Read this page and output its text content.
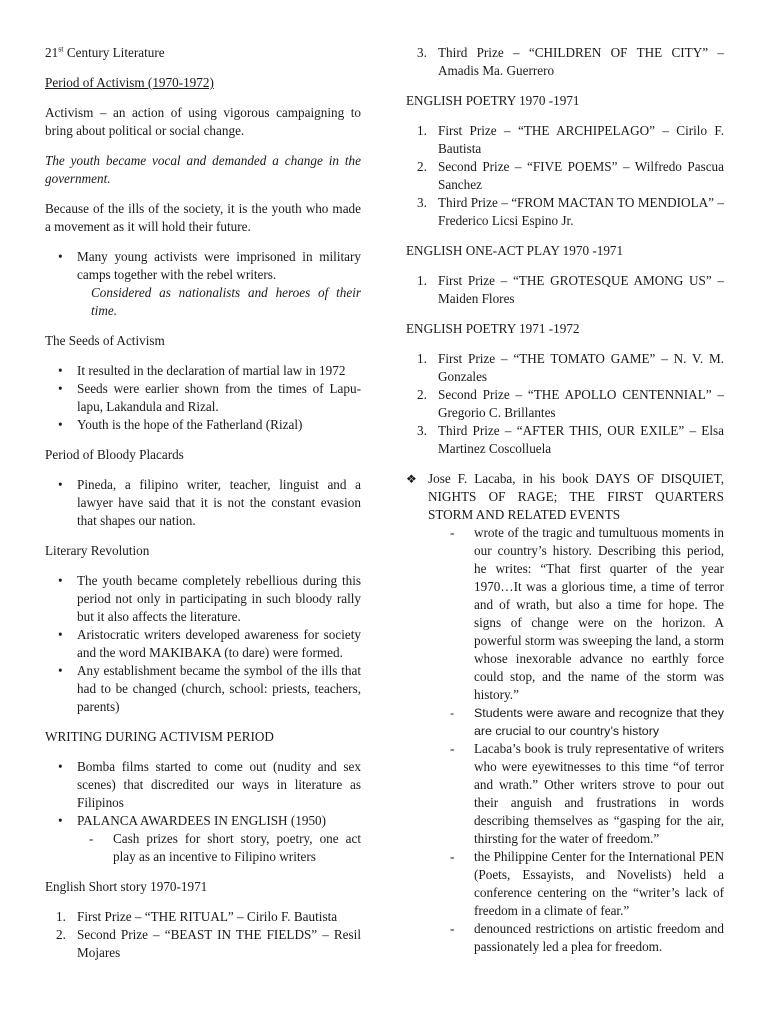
21st Century Literature

Period of Activism (1970-1972)

Activism – an action of using vigorous campaigning to bring about political or social change.

The youth became vocal and demanded a change in the government.

Because of the ills of the society, it is the youth who made a movement as it will hold their future.

• Many young activists were imprisoned in military camps together with the rebel writers.
Considered as nationalists and heroes of their time.

The Seeds of Activism

• It resulted in the declaration of martial law in 1972
• Seeds were earlier shown from the times of Lapu-lapu, Lakandula and Rizal.
• Youth is the hope of the Fatherland (Rizal)

Period of Bloody Placards

• Pineda, a filipino writer, teacher, linguist and a lawyer have said that it is not the constant evasion that shapes our nation.

Literary Revolution

• The youth became completely rebellious during this period not only in participating in such bloody rally but it also affects the literature.
• Aristocratic writers developed awareness for society and the word MAKIBAKA (to dare) were formed.
• Any establishment became the symbol of the ills that had to be changed (church, school: priests, teachers, parents)

WRITING DURING ACTIVISM PERIOD

• Bomba films started to come out (nudity and sex scenes) that discredited our ways in literature as Filipinos
• PALANCA AWARDEES IN ENGLISH (1950)
- Cash prizes for short story, poetry, one act play as an incentive to Filipino writers

English Short story 1970-1971

1. First Prize – “THE RITUAL” – Cirilo F. Bautista
2. Second Prize – “BEAST IN THE FIELDS” – Resil Mojares
3. Third Prize – “CHILDREN OF THE CITY” – Amadis Ma. Guerrero

ENGLISH POETRY 1970 -1971

1. First Prize – “THE ARCHIPELAGO” – Cirilo F. Bautista
2. Second Prize – “FIVE POEMS” – Wilfredo Pascua Sanchez
3. Third Prize – “FROM MACTAN TO MENDIOLA” – Frederico Licsi Espino Jr.

ENGLISH ONE-ACT PLAY 1970 -1971

1. First Prize – “THE GROTESQUE AMONG US” – Maiden Flores

ENGLISH POETRY 1971 -1972

1. First Prize – “THE TOMATO GAME” – N. V. M. Gonzales
2. Second Prize – “THE APOLLO CENTENNIAL” – Gregorio C. Brillantes
3. Third Prize – “AFTER THIS, OUR EXILE” – Elsa Martinez Coscolluela
❖ Jose F. Lacaba, in his book DAYS OF DISQUIET, NIGHTS OF RAGE; THE FIRST QUARTERS STORM AND RELATED EVENTS
- wrote of the tragic and tumultuous moments in our country’s history. Describing this period, he writes: “That first quarter of the year 1970…It was a glorious time, a time of terror and of wrath, but also a time for hope. The signs of change were on the horizon. A powerful storm was sweeping the land, a storm whose inexorable advance no earthly force could stop, and the name of the storm was history.”
- Students were aware and recognize that they are crucial to our country’s history
- Lacaba’s book is truly representative of writers who were eyewitnesses to this time “of terror and wrath.” Other writers strove to pour out their anguish and frustrations in words describing themselves as “gasping for the air, thirsting for the water of freedom.”
- the Philippine Center for the International PEN (Poets, Essayists, and Novelists) held a conference centering on the “writer’s lack of freedom in a climate of fear.”
- denounced restrictions on artistic freedom and passionately led a plea for freedom.
